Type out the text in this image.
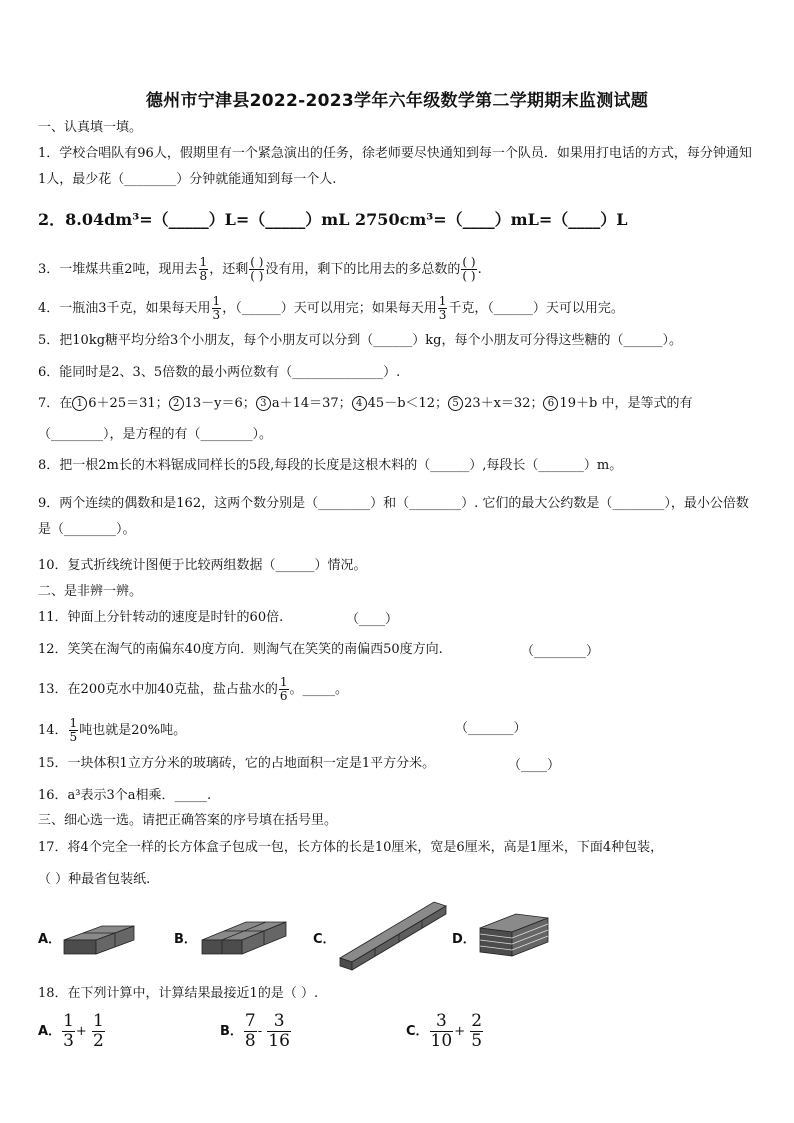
德州市宁津县2022-2023学年六年级数学第二学期期末监测试题
一、认真填一填。
1．学校合唱队有96人，假期里有一个紧急演出的任务，徐老师要尽快通知到每一个队员．如果用打电话的方式，每分钟通知1人，最少花（________）分钟就能通知到每一个人.
2．8.04dm³=（_____）L=（_____）mL 2750cm³=（____）mL=（____）L
3．一堆煤共重2吨，现用去 $\frac{1}{8}$ ，还剩 $\frac{( )}{( )}$ 没有用，剩下的比用去的多总数的 $\frac{( )}{( )}$ .
4．一瓶油3千克，如果每天用 $\frac{1}{3}$ ，（______）天可以用完；如果每天用 $\frac{1}{3}$ 千克，（______）天可以用完。
5．把10kg糖平均分给3个小朋友，每个小朋友可以分到（______）kg，每个小朋友可分得这些糖的（______）。
6．能同时是2、3、5倍数的最小两位数有（______________）.
7．在 1 6＋25＝31； 2 13－y＝6； 3 a＋14＝37； 4 45－b＜12； 5 23＋x＝32； 6 19＋b 中，是等式的有
（________），是方程的有（________）。
8．把一根2m长的木料锯成同样长的5段,每段的长度是这根木料的（______）,每段长（_______）m。
9．两个连续的偶数和是162，这两个数分别是（________）和（________）. 它们的最大公约数是（________），最小公倍数是（________）。
10．复式折线统计图便于比较两组数据（______）情况。
二、是非辨一辨。
11．钟面上分针转动的速度是时针的60倍.	（____）
12．笑笑在淘气的南偏东40度方向．则淘气在笑笑的南偏西50度方向.	（________）
13．在200克水中加40克盐，盐占盐水的 $\frac{1}{6}$ 。_____。
14． $\frac{1}{5}$ 吨也就是20%吨。	（_______）
15．一块体积1立方分米的玻璃砖，它的占地面积一定是1平方分米。	（____）
16．a³表示3个a相乘．_____.
三、细心选一选。请把正确答案的序号填在括号里。
17．将4个完全一样的长方体盒子包成一包，长方体的长是10厘米，宽是6厘米，高是1厘米，下面4种包装，
（ ）种最省包装纸.
A．	B．	C．	D．
18．在下列计算中，计算结果最接近1的是（ ）.
A． $\frac{1}{3} + \frac{1}{2}$	B． $\frac{7}{8} - \frac{3}{16}$	C． $\frac{3}{10} + \frac{2}{5}$
